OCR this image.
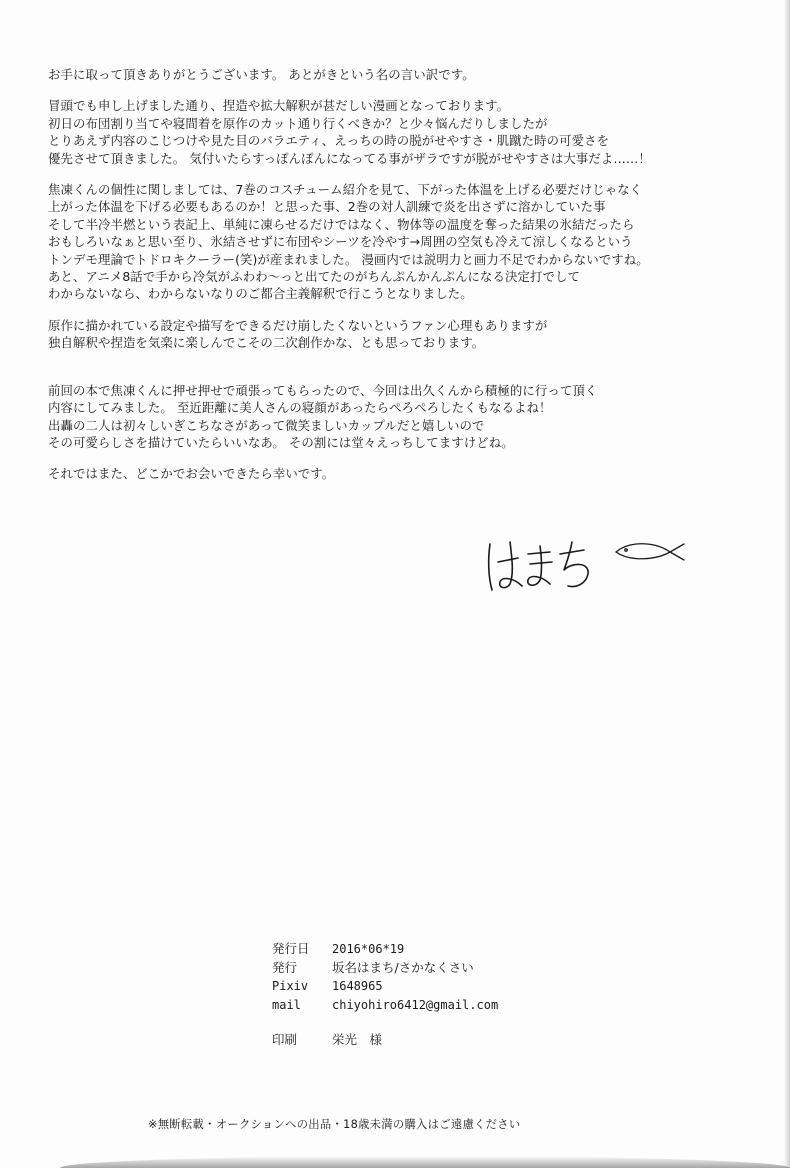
お手に取って頂きありがとうございます。 あとがきという名の言い訳です。

冒頭でも申し上げました通り、捏造や拡大解釈が甚だしい漫画となっております。
初日の布団割り当てや寝間着を原作のカット通り行くべきか？と少々悩んだりしましたが
とりあえず内容のこじつけや見た目のバラエティ、えっちの時の脱がせやすさ・肌蹴た時の可愛さを
優先させて頂きました。 気付いたらすっぽんぽんになってる事がザラですが脱がせやすさは大事だよ……！

焦凍くんの個性に関しましては、7巻のコスチューム紹介を見て、下がった体温を上げる必要だけじゃなく
上がった体温を下げる必要もあるのか！と思った事、2巻の対人訓練で炎を出さずに溶かしていた事
そして半冷半燃という表記上、単純に凍らせるだけではなく、物体等の温度を奪った結果の氷結だったら
おもしろいなぁと思い至り、氷結させずに布団やシーツを冷やす→周囲の空気も冷えて涼しくなるという
トンデモ理論でトドロキクーラー(笑)が産まれました。 漫画内では説明力と画力不足でわからないですね。
あと、アニメ8話で手から冷気がふわわ〜っと出てたのがちんぷんかんぷんになる決定打でして
わからないなら、わからないなりのご都合主義解釈で行こうとなりました。

原作に描かれている設定や描写をできるだけ崩したくないというファン心理もありますが
独自解釈や捏造を気楽に楽しんでこその二次創作かな、とも思っております。

前回の本で焦凍くんに押せ押せで頑張ってもらったので、今回は出久くんから積極的に行って頂く
内容にしてみました。 至近距離に美人さんの寝顔があったらぺろぺろしたくもなるよね！
出轟の二人は初々しいぎこちなさがあって微笑ましいカップルだと嬉しいので
その可愛らしさを描けていたらいいなあ。 その割には堂々えっちしてますけどね。

それではまた、どこかでお会いできたら幸いです。

発行日	2016*06*19
発行	坂名はまち/さかなくさい
Pixiv	1648965
mail	chiyohiro6412@gmail.com
印刷	栄光　様
※無断転載・オークションへの出品・18歳未満の購入はご遠慮ください
